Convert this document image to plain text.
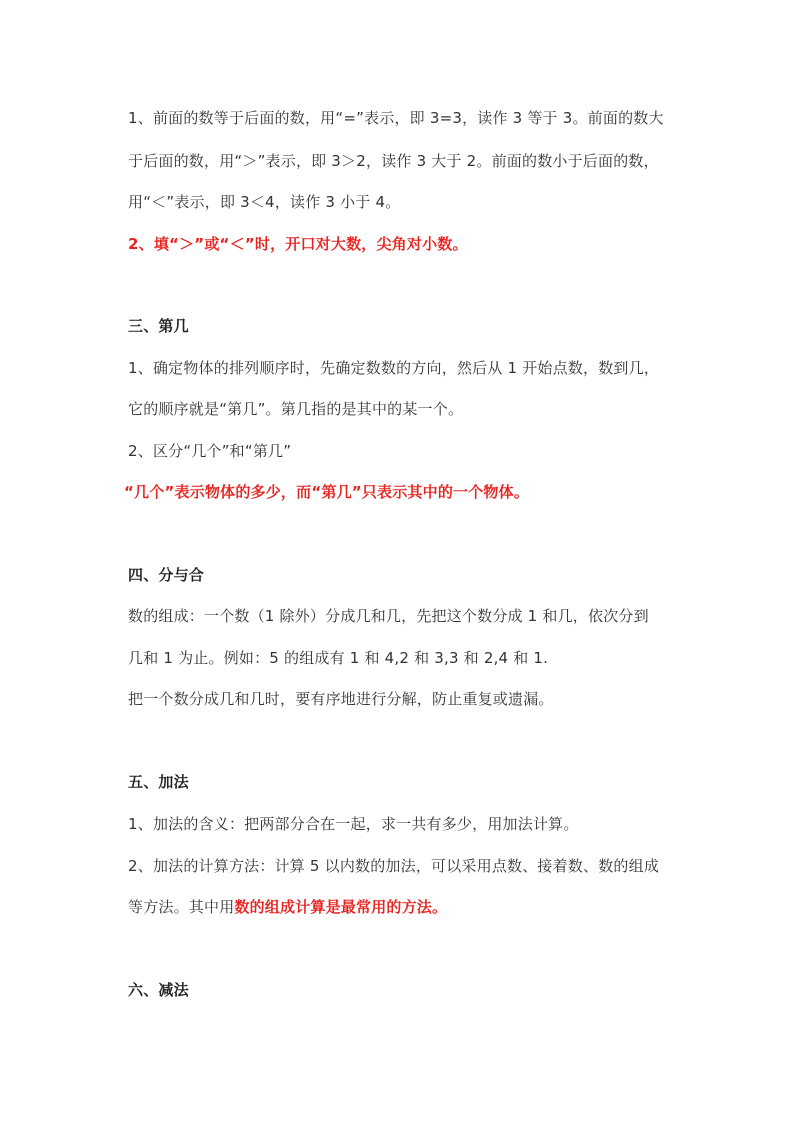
1、前面的数等于后面的数，用“=”表示，即 3=3，读作 3 等于 3。前面的数大
于后面的数，用“＞”表示，即 3＞2，读作 3 大于 2。前面的数小于后面的数，
用“＜”表示，即 3＜4，读作 3 小于 4。
2、填“＞”或“＜”时，开口对大数，尖角对小数。
三、第几
1、确定物体的排列顺序时，先确定数数的方向，然后从 1 开始点数，数到几，
它的顺序就是“第几”。第几指的是其中的某一个。
2、区分“几个”和“第几”
“几个”表示物体的多少，而“第几”只表示其中的一个物体。
四、分与合
数的组成：一个数（1 除外）分成几和几，先把这个数分成 1 和几，依次分到
几和 1 为止。例如：5 的组成有 1 和 4,2 和 3,3 和 2,4 和 1.
把一个数分成几和几时，要有序地进行分解，防止重复或遗漏。
五、加法
1、加法的含义：把两部分合在一起，求一共有多少，用加法计算。
2、加法的计算方法：计算 5 以内数的加法，可以采用点数、接着数、数的组成
等方法。其中用数的组成计算是最常用的方法。
六、减法
